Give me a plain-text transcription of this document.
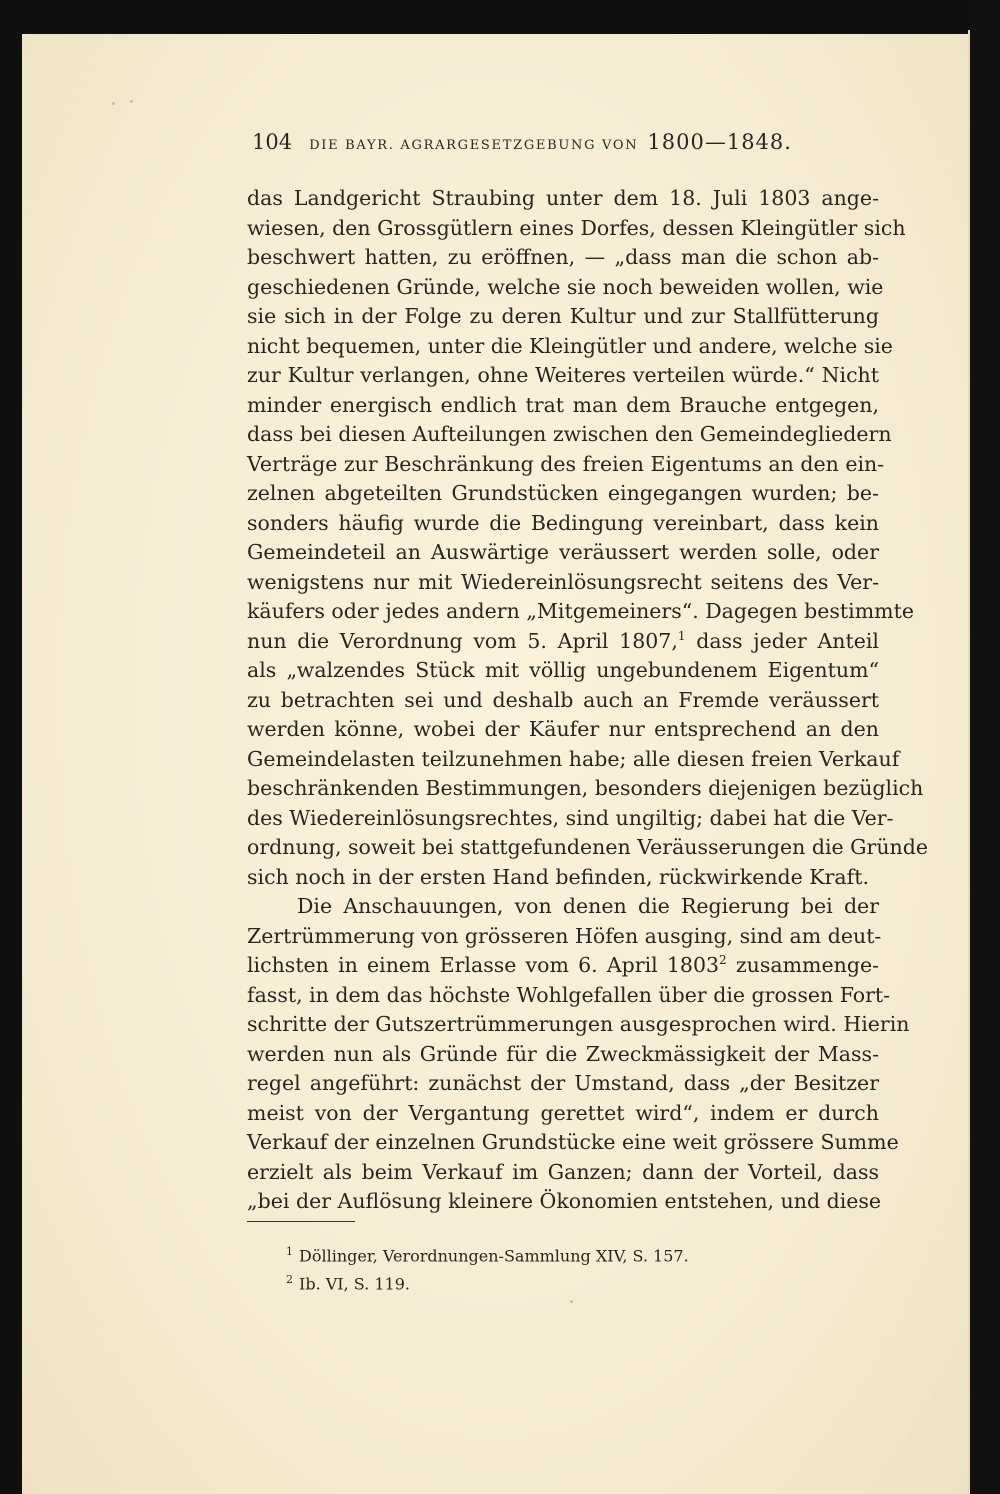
104 DIE BAYR. AGRARGESETZGEBUNG VON 1800—1848.
das Landgericht Straubing unter dem 18. Juli 1803 ange-
wiesen, den Grossgütlern eines Dorfes, dessen Kleingütler sich
beschwert hatten, zu eröffnen, — „dass man die schon ab-
geschiedenen Gründe, welche sie noch beweiden wollen, wie
sie sich in der Folge zu deren Kultur und zur Stallfütterung
nicht bequemen, unter die Kleingütler und andere, welche sie
zur Kultur verlangen, ohne Weiteres verteilen würde.“ Nicht
minder energisch endlich trat man dem Brauche entgegen,
dass bei diesen Aufteilungen zwischen den Gemeindegliedern
Verträge zur Beschränkung des freien Eigentums an den ein-
zelnen abgeteilten Grundstücken eingegangen wurden; be-
sonders häufig wurde die Bedingung vereinbart, dass kein
Gemeindeteil an Auswärtige veräussert werden solle, oder
wenigstens nur mit Wiedereinlösungsrecht seitens des Ver-
käufers oder jedes andern „Mitgemeiners“. Dagegen bestimmte
nun die Verordnung vom 5. April 1807,$^1$ dass jeder Anteil
als „walzendes Stück mit völlig ungebundenem Eigentum“
zu betrachten sei und deshalb auch an Fremde veräussert
werden könne, wobei der Käufer nur entsprechend an den
Gemeindelasten teilzunehmen habe; alle diesen freien Verkauf
beschränkenden Bestimmungen, besonders diejenigen bezüglich
des Wiedereinlösungsrechtes, sind ungiltig; dabei hat die Ver-
ordnung, soweit bei stattgefundenen Veräusserungen die Gründe
sich noch in der ersten Hand befinden, rückwirkende Kraft.
Die Anschauungen, von denen die Regierung bei der
Zertrümmerung von grösseren Höfen ausging, sind am deut-
lichsten in einem Erlasse vom 6. April 1803$^2$ zusammenge-
fasst, in dem das höchste Wohlgefallen über die grossen Fort-
schritte der Gutszertrümmerungen ausgesprochen wird. Hierin
werden nun als Gründe für die Zweckmässigkeit der Mass-
regel angeführt: zunächst der Umstand, dass „der Besitzer
meist von der Vergantung gerettet wird“, indem er durch
Verkauf der einzelnen Grundstücke eine weit grössere Summe
erzielt als beim Verkauf im Ganzen; dann der Vorteil, dass
„bei der Auflösung kleinere Ökonomien entstehen, und diese
$^1$ Döllinger, Verordnungen-Sammlung XIV, S. 157.
$^2$ Ib. VI, S. 119.
